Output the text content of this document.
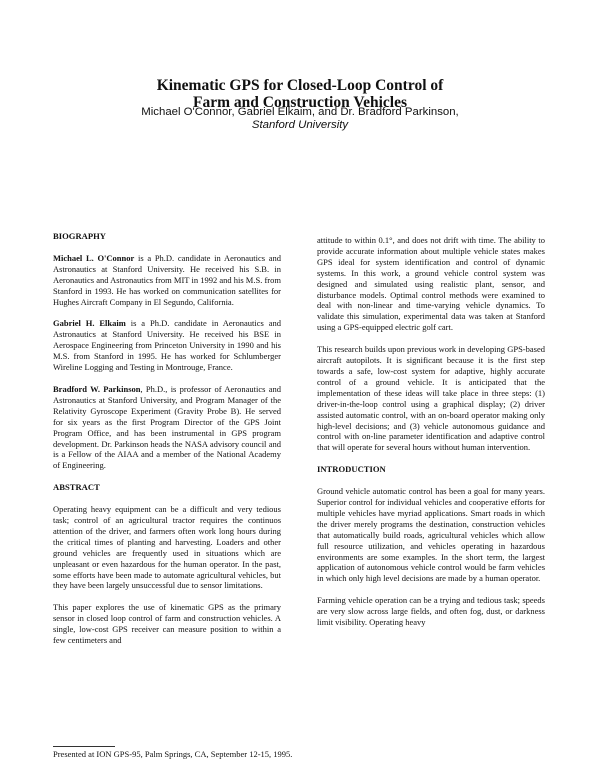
Kinematic GPS for Closed-Loop Control of
Farm and Construction Vehicles
Michael O'Connor, Gabriel Elkaim, and Dr. Bradford Parkinson,
Stanford University
BIOGRAPHY

Michael L. O'Connor is a Ph.D. candidate in Aeronautics and Astronautics at Stanford University. He received his S.B. in Aeronautics and Astronautics from MIT in 1992 and his M.S. from Stanford in 1993. He has worked on communication satellites for Hughes Aircraft Company in El Segundo, California.

Gabriel H. Elkaim is a Ph.D. candidate in Aeronautics and Astronautics at Stanford University. He received his BSE in Aerospace Engineering from Princeton University in 1990 and his M.S. from Stanford in 1995. He has worked for Schlumberger Wireline Logging and Testing in Montrouge, France.

Bradford W. Parkinson, Ph.D., is professor of Aeronautics and Astronautics at Stanford University, and Program Manager of the Relativity Gyroscope Experiment (Gravity Probe B). He served for six years as the first Program Director of the GPS Joint Program Office, and has been instrumental in GPS program development. Dr. Parkinson heads the NASA advisory council and is a Fellow of the AIAA and a member of the National Academy of Engineering.

ABSTRACT

Operating heavy equipment can be a difficult and very tedious task; control of an agricultural tractor requires the continuos attention of the driver, and farmers often work long hours during the critical times of planting and harvesting. Loaders and other ground vehicles are frequently used in situations which are unpleasant or even hazardous for the human operator. In the past, some efforts have been made to automate agricultural vehicles, but they have been largely unsuccessful due to sensor limitations.

This paper explores the use of kinematic GPS as the primary sensor in closed loop control of farm and construction vehicles. A single, low-cost GPS receiver can measure position to within a few centimeters and

attitude to within 0.1°, and does not drift with time. The ability to provide accurate information about multiple vehicle states makes GPS ideal for system identification and control of dynamic systems. In this work, a ground vehicle control system was designed and simulated using realistic plant, sensor, and disturbance models. Optimal control methods were examined to deal with non-linear and time-varying vehicle dynamics. To validate this simulation, experimental data was taken at Stanford using a GPS-equipped electric golf cart.

This research builds upon previous work in developing GPS-based aircraft autopilots. It is significant because it is the first step towards a safe, low-cost system for adaptive, highly accurate control of a ground vehicle. It is anticipated that the implementation of these ideas will take place in three steps: (1) driver-in-the-loop control using a graphical display; (2) driver assisted automatic control, with an on-board operator making only high-level decisions; and (3) vehicle autonomous guidance and control with on-line parameter identification and adaptive control that will operate for several hours without human intervention.

INTRODUCTION

Ground vehicle automatic control has been a goal for many years. Superior control for individual vehicles and cooperative efforts for multiple vehicles have myriad applications. Smart roads in which the driver merely programs the destination, construction vehicles that automatically build roads, agricultural vehicles which allow full resource utilization, and vehicles operating in hazardous environments are some examples. In the short term, the largest application of autonomous vehicle control would be farm vehicles in which only high level decisions are made by a human operator.

Farming vehicle operation can be a trying and tedious task; speeds are very slow across large fields, and often fog, dust, or darkness limit visibility. Operating heavy

Presented at ION GPS-95, Palm Springs, CA, September 12-15, 1995.
